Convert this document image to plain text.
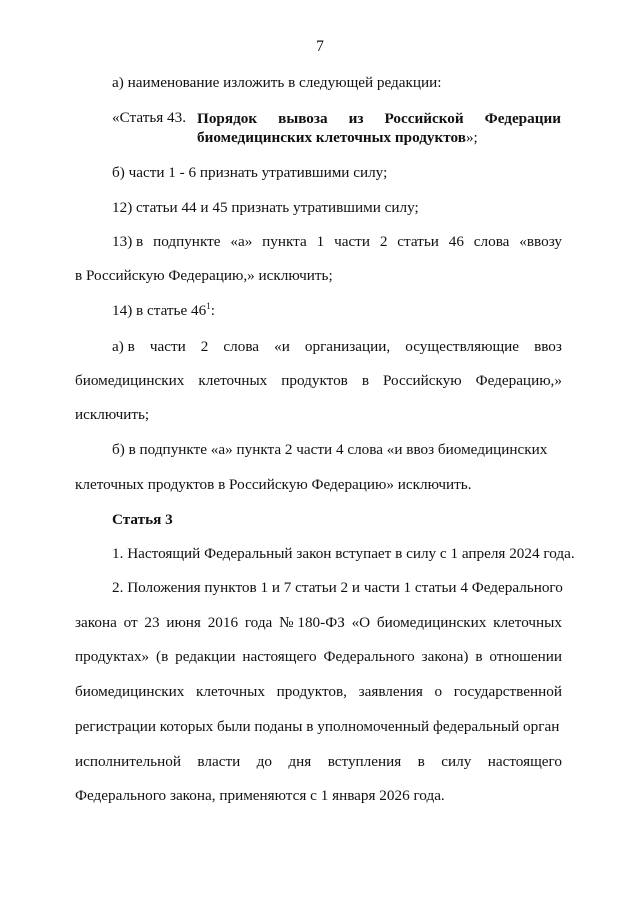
7
а) наименование изложить в следующей редакции:
«Статья 43. Порядок вывоза из Российской Федерации
биомедицинских клеточных продуктов»;
б) части 1 - 6 признать утратившими силу;
12) статьи 44 и 45 признать утратившими силу;
13) в подпункте «а» пункта 1 части 2 статьи 46 слова «ввозу
в Российскую Федерацию,» исключить;
14) в статье $46^1$:
а) в части 2 слова «и организации, осуществляющие ввоз
биомедицинских клеточных продуктов в Российскую Федерацию,»
исключить;
б) в подпункте «а» пункта 2 части 4 слова «и ввоз биомедицинских
клеточных продуктов в Российскую Федерацию» исключить.
Статья 3
1. Настоящий Федеральный закон вступает в силу с 1 апреля 2024 года.
2. Положения пунктов 1 и 7 статьи 2 и части 1 статьи 4 Федерального
закона от 23 июня 2016 года № 180-ФЗ «О биомедицинских клеточных
продуктах» (в редакции настоящего Федерального закона) в отношении
биомедицинских клеточных продуктов, заявления о государственной
регистрации которых были поданы в уполномоченный федеральный орган
исполнительной власти до дня вступления в силу настоящего
Федерального закона, применяются с 1 января 2026 года.
